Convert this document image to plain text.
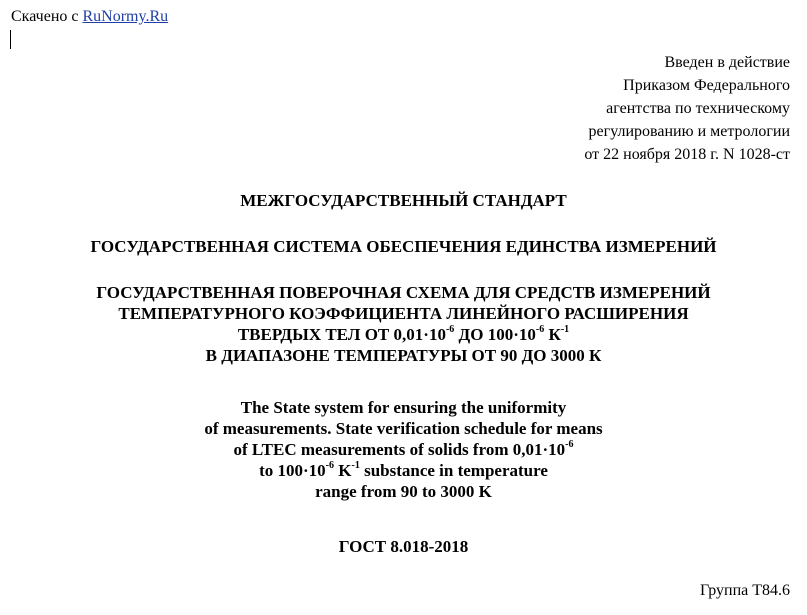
Скачено с RuNormy.Ru
Введен в действие
Приказом Федерального
агентства по техническому
регулированию и метрологии
от 22 ноября 2018 г. N 1028-ст
МЕЖГОСУДАРСТВЕННЫЙ СТАНДАРТ
ГОСУДАРСТВЕННАЯ СИСТЕМА ОБЕСПЕЧЕНИЯ ЕДИНСТВА ИЗМЕРЕНИЙ
ГОСУДАРСТВЕННАЯ ПОВЕРОЧНАЯ СХЕМА ДЛЯ СРЕДСТВ ИЗМЕРЕНИЙ
ТЕМПЕРАТУРНОГО КОЭФФИЦИЕНТА ЛИНЕЙНОГО РАСШИРЕНИЯ
ТВЕРДЫХ ТЕЛ ОТ $0,01\cdot 10^{-6}$ ДО $100\cdot 10^{-6}$ $К^{-1}$
В ДИАПАЗОНЕ ТЕМПЕРАТУРЫ ОТ 90 ДО 3000 К
The State system for ensuring the uniformity
of measurements. State verification schedule for means
of LTEC measurements of solids from $0,01\cdot 10^{-6}$
to $100\cdot 10^{-6}$ $K^{-1}$ substance in temperature
range from 90 to 3000 K
ГОСТ 8.018-2018
Группа Т84.6
